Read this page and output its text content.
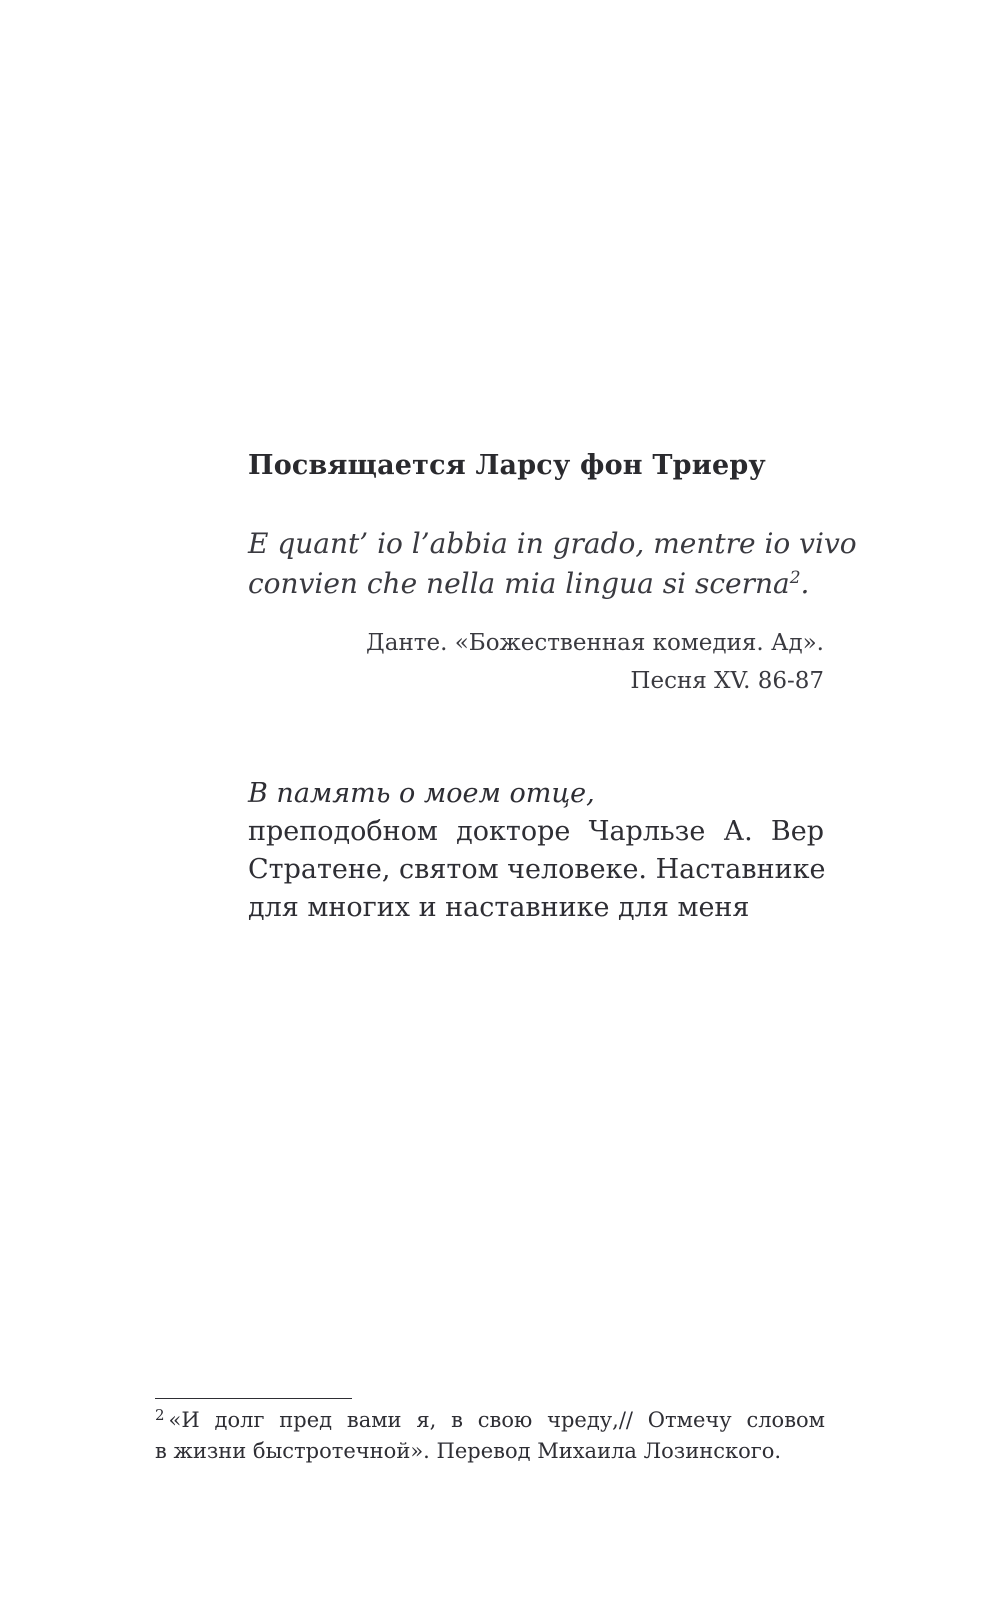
Посвящается Ларсу фон Триеру
E quant’ io l’abbia in grado, mentre io vivo
convien che nella mia lingua si scerna$^2$.
Данте. «Божественная комедия. Ад».
Песня XV. 86-87
В память о моем отце,
преподобном докторе Чарльзе А. Вер
Стратене, святом человеке. Наставнике
для многих и наставнике для меня
$^2$ «И долг пред вами я, в свою чреду,// Отмечу словом
в жизни быстротечной». Перевод Михаила Лозинского.
